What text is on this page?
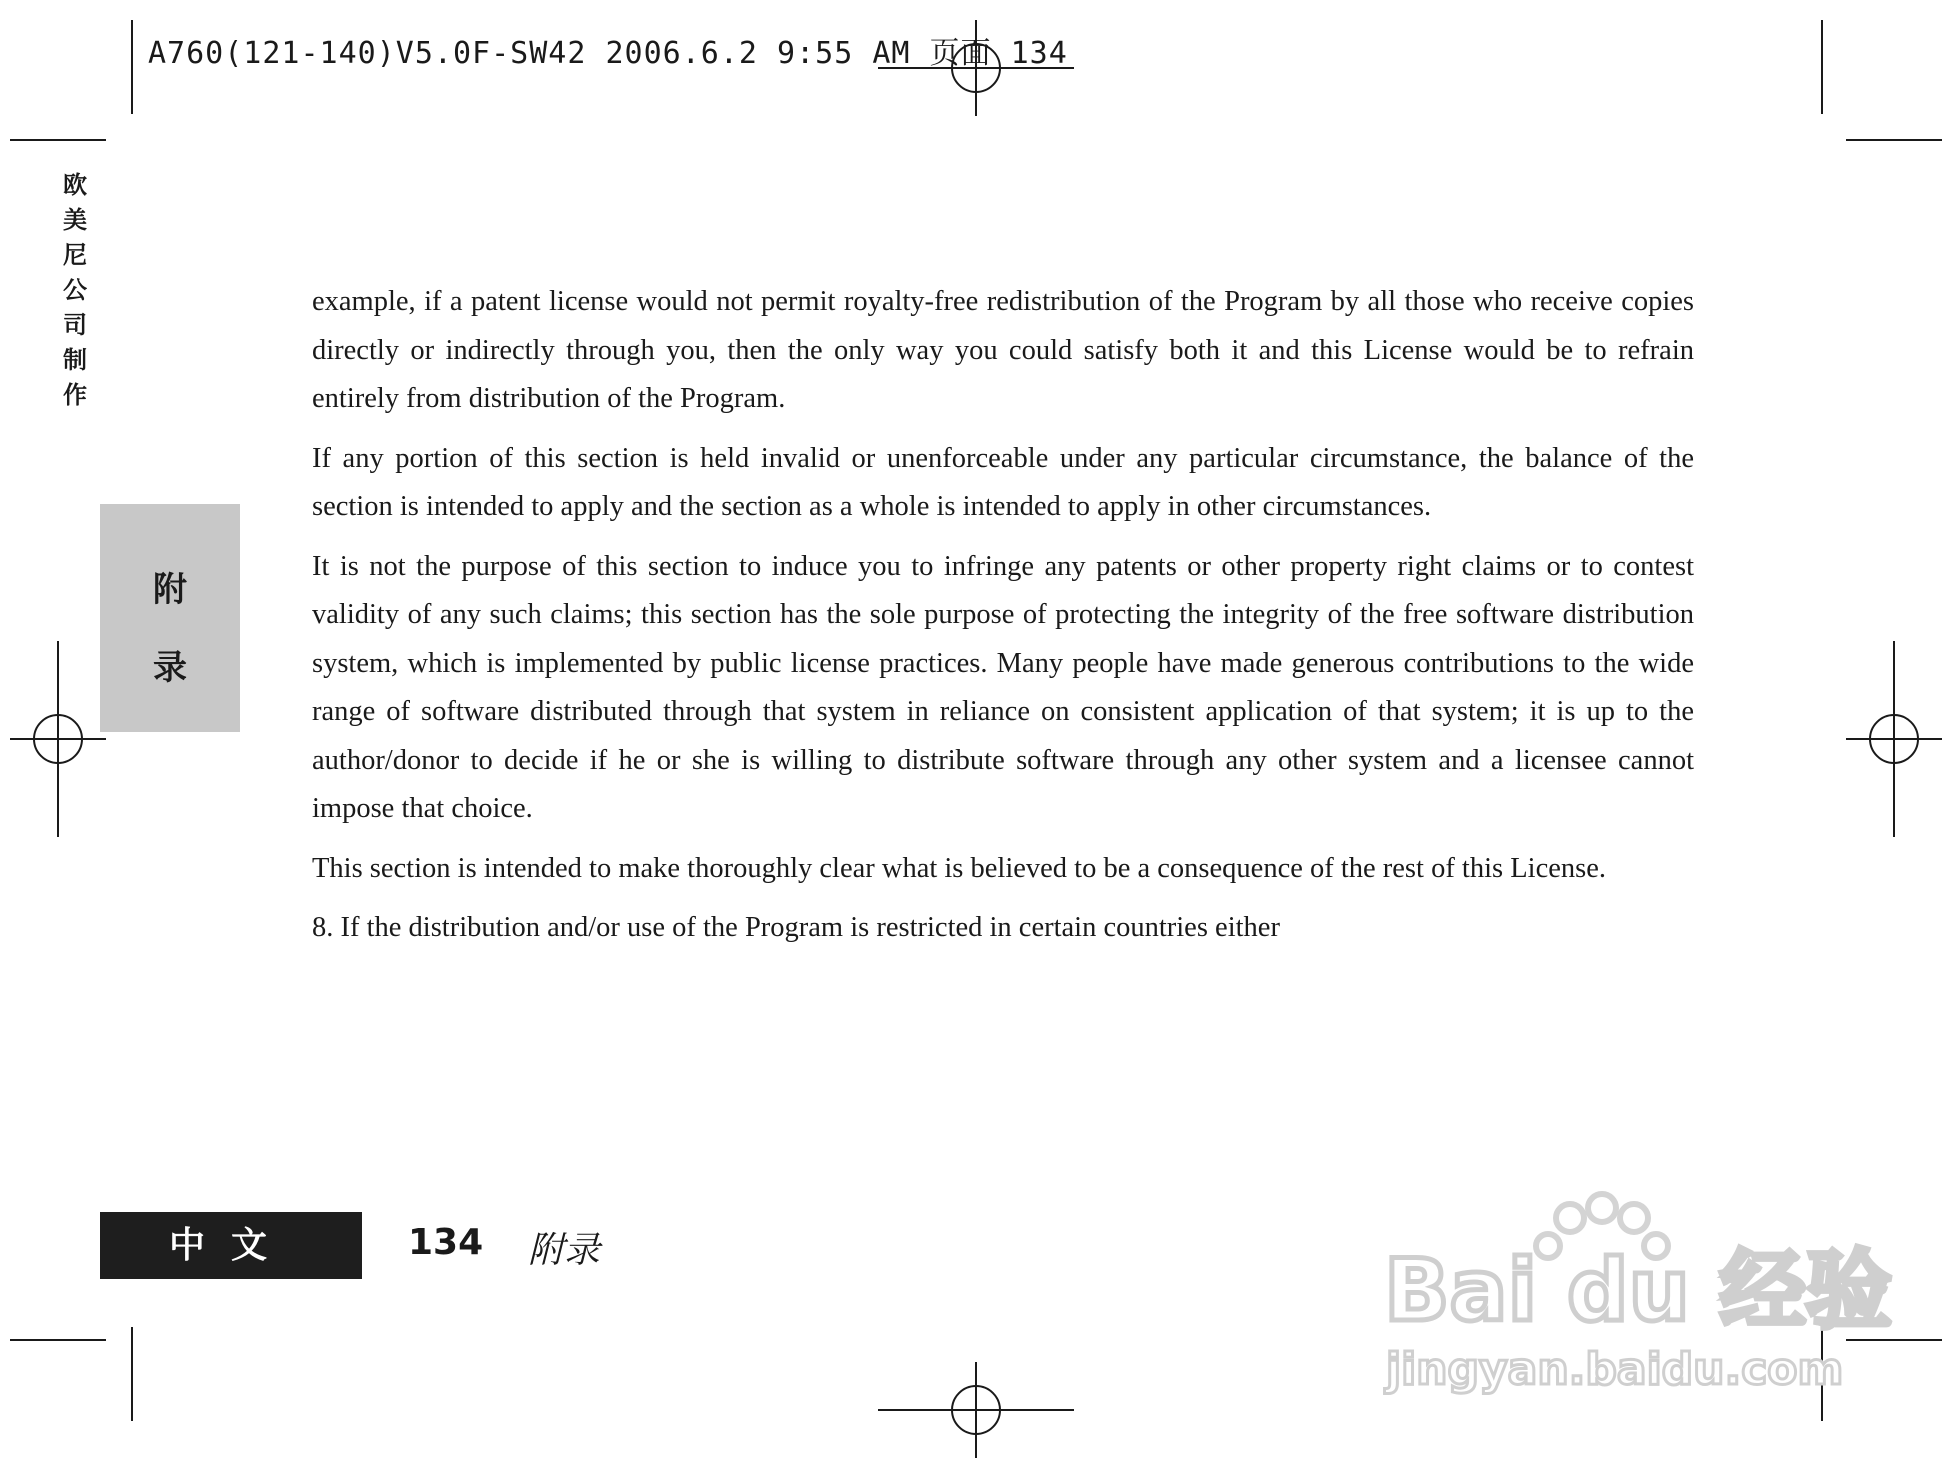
A760(121-140)V5.0F-SW42 2006.6.2 9:55 AM 页面 134
欧
美
尼
公
司
制
作
附
录

example, if a patent license would not permit royalty-free redistribution of the Program by all those who receive copies directly or indirectly through you, then the only way you could satisfy both it and this License would be to refrain entirely from distribution of the Program.

If any portion of this section is held invalid or unenforceable under any particular circumstance, the balance of the section is intended to apply and the section as a whole is intended to apply in other circumstances.

It is not the purpose of this section to induce you to infringe any patents or other property right claims or to contest validity of any such claims; this section has the sole purpose of protecting the integrity of the free software distribution system, which is implemented by public license practices. Many people have made generous contributions to the wide range of software distributed through that system in reliance on consistent application of that system; it is up to the author/donor to decide if he or she is willing to distribute software through any other system and a licensee cannot impose that choice.

This section is intended to make thoroughly clear what is believed to be a consequence of the rest of this License.

8. If the distribution and/or use of the Program is restricted in certain countries either

中文	134 附录	Bai du 经验
jingyan.baidu.com
